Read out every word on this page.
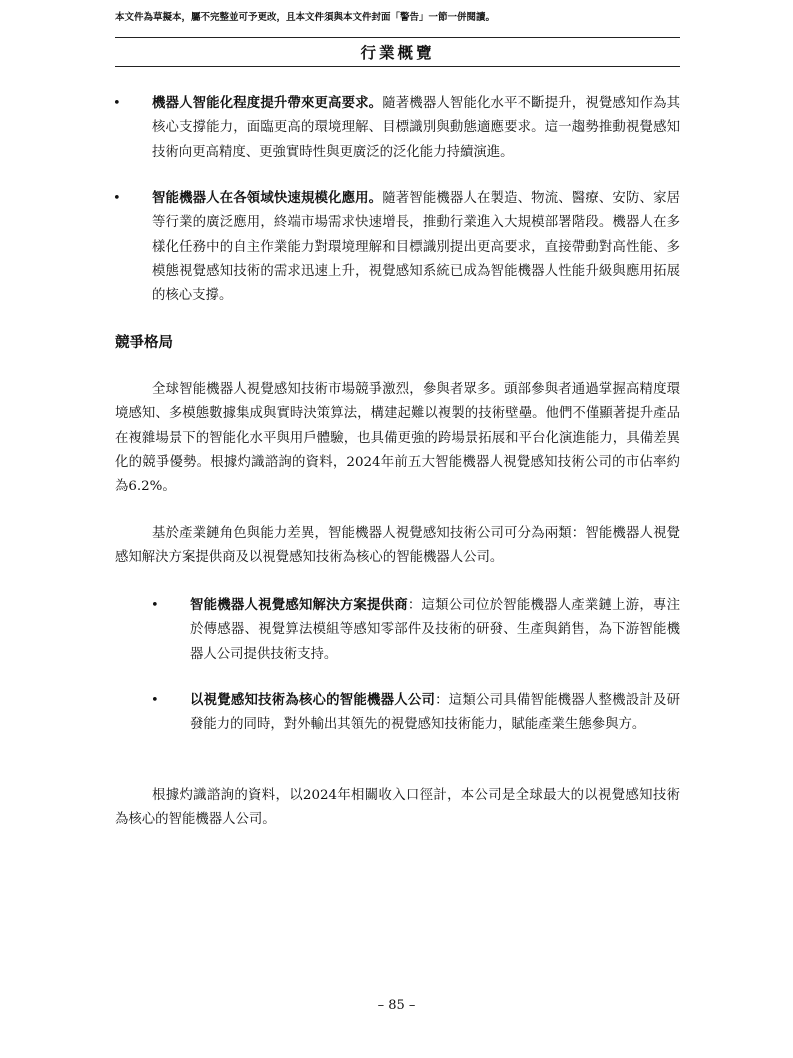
本文件為草擬本，屬不完整並可予更改，且本文件須與本文件封面「警告」一節一併閱讀。
行業概覽
• 機器人智能化程度提升帶來更高要求。隨著機器人智能化水平不斷提升，視覺感知作為其核心支撐能力，面臨更高的環境理解、目標識別與動態適應要求。這一趨勢推動視覺感知技術向更高精度、更強實時性與更廣泛的泛化能力持續演進。
• 智能機器人在各領域快速規模化應用。隨著智能機器人在製造、物流、醫療、安防、家居等行業的廣泛應用，終端市場需求快速增長，推動行業進入大規模部署階段。機器人在多樣化任務中的自主作業能力對環境理解和目標識別提出更高要求，直接帶動對高性能、多模態視覺感知技術的需求迅速上升，視覺感知系統已成為智能機器人性能升級與應用拓展的核心支撐。
競爭格局
全球智能機器人視覺感知技術市場競爭激烈，參與者眾多。頭部參與者通過掌握高精度環境感知、多模態數據集成與實時決策算法，構建起難以複製的技術壁壘。他們不僅顯著提升產品在複雜場景下的智能化水平與用戶體驗，也具備更強的跨場景拓展和平台化演進能力，具備差異化的競爭優勢。根據灼識諮詢的資料，2024年前五大智能機器人視覺感知技術公司的市佔率約為6.2%。
基於產業鏈角色與能力差異，智能機器人視覺感知技術公司可分為兩類：智能機器人視覺感知解決方案提供商及以視覺感知技術為核心的智能機器人公司。
• 智能機器人視覺感知解決方案提供商：這類公司位於智能機器人產業鏈上游，專注於傳感器、視覺算法模組等感知零部件及技術的研發、生產與銷售，為下游智能機器人公司提供技術支持。
• 以視覺感知技術為核心的智能機器人公司：這類公司具備智能機器人整機設計及研發能力的同時，對外輸出其領先的視覺感知技術能力，賦能產業生態參與方。
根據灼識諮詢的資料，以2024年相關收入口徑計，本公司是全球最大的以視覺感知技術為核心的智能機器人公司。
– 85 –
